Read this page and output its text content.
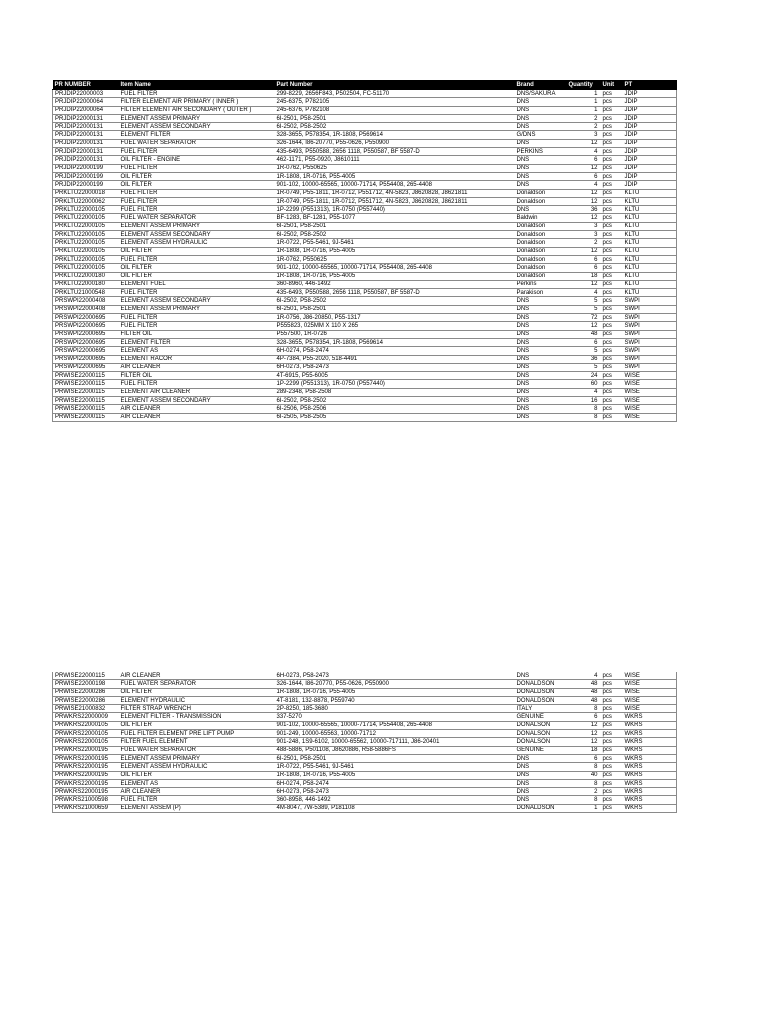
PR NUMBER	Item Name	Part Number	Brand	Quantity	Unit	PT
PRJDIP22000003	FUEL FILTER	299-8229, 2656F843, P502504, FC-51170	DNS/SAKURA	1	pcs	JDIP
PRJDIP22000064	FILTER ELEMENT AIR PRIMARY ( INNER )	245-6375, P782105	DNS	1	pcs	JDIP
PRJDIP22000064	FILTER ELEMENT AIR SECONDARY ( OUTER )	245-6376, P782108	DNS	1	pcs	JDIP
PRJDIP22000131	ELEMENT ASSEM PRIMARY	6I-2501, P58-2501	DNS	2	pcs	JDIP
PRJDIP22000131	ELEMENT ASSEM SECONDARY	6I-2502, P58-2502	DNS	2	pcs	JDIP
PRJDIP22000131	ELEMENT FILTER	328-3655, P578354, 1R-1808, P569614	G/DNS	3	pcs	JDIP
PRJDIP22000131	FUEL WATER SEPARATOR	326-1644, I86-20770, P55-0626, P550900	DNS	12	pcs	JDIP
PRJDIP22000131	FUEL FILTER	435-6493, P550588, 2656 1118, P550587, BF 5587-D	PERKINS	4	pcs	JDIP
PRJDIP22000131	OIL FILTER - ENGINE	462-1171, P55-0920, J8610111	DNS	6	pcs	JDIP
PRJDIP22000199	FUEL FILTER	1R-0762, P550625	DNS	12	pcs	JDIP
PRJDIP22000199	OIL FILTER	1R-1808, 1R-0716, P55-4005	DNS	6	pcs	JDIP
PRJDIP22000199	OIL FILTER	901-102, 10000-65565, 10000-71714, P554408, 265-4408	DNS	4	pcs	JDIP
PRKLTU22000018	FUEL FILTER	1R-0749, P55-1811, 1R-0712, P551712, 4N-5823, J8620828, J8621811	Donaldson	12	pcs	KLTU
PRKLTU22000062	FUEL FILTER	1R-0749, P55-1811, 1R-0712, P551712, 4N-5823, J8620828, J8621811	Donaldson	12	pcs	KLTU
PRKLTU22000105	FUEL FILTER	1P-2299 (P551313), 1R-0750 (P557440)	DNS	36	pcs	KLTU
PRKLTU22000105	FUEL WATER SEPARATOR	BF-1283, BF-1281, P55-1077	Baldwin	12	pcs	KLTU
PRKLTU22000105	ELEMENT ASSEM PRIMARY	6I-2501, P58-2501	Donaldson	3	pcs	KLTU
PRKLTU22000105	ELEMENT ASSEM SECONDARY	6I-2502, P58-2502	Donaldson	3	pcs	KLTU
PRKLTU22000105	ELEMENT ASSEM HYDRAULIC	1R-0722, P55-5461, 9J-5461	Donaldson	2	pcs	KLTU
PRKLTU22000105	OIL FILTER	1R-1808, 1R-0716, P55-4005	Donaldson	12	pcs	KLTU
PRKLTU22000105	FUEL FILTER	1R-0762, P550625	Donaldson	6	pcs	KLTU
PRKLTU22000105	OIL FILTER	901-102, 10000-65565, 10000-71714, P554408, 265-4408	Donaldson	6	pcs	KLTU
PRKLTU22000180	OIL FILTER	1R-1808, 1R-0716, P55-4005	Donaldson	18	pcs	KLTU
PRKLTU22000180	ELEMENT FUEL	360-8960, 446-1492	Perkins	12	pcs	KLTU
PRKLTU21000548	FUEL FILTER	435-6493, P550588, 2656 1118, P550587, BF 5587-D	Parakison	4	pcs	KLTU
PRSWPI22000408	ELEMENT ASSEM SECONDARY	6I-2502, P58-2502	DNS	5	pcs	SWPI
PRSWPI22000408	ELEMENT ASSEM PRIMARY	6I-2501, P58-2501	DNS	5	pcs	SWPI
PRSWPI22000695	FUEL FILTER	1R-0756, J86-20850, P55-1317	DNS	72	pcs	SWPI
PRSWPI22000695	FUEL FILTER	P555823, 025MM X 110 X 265	DNS	12	pcs	SWPI
PRSWPI22000695	FILTER OIL	P557500, 1R-0726	DNS	48	pcs	SWPI
PRSWPI22000695	ELEMENT FILTER	328-3655, P578354, 1R-1808, P569614	DNS	6	pcs	SWPI
PRSWPI22000695	ELEMENT AS	6H-0274, P58-2474	DNS	5	pcs	SWPI
PRSWPI22000695	ELEMENT RACOR	4P-7384, P55-2020, 518-4491	DNS	36	pcs	SWPI
PRSWPI22000695	AIR CLEANER	6H-0273, P58-2473	DNS	5	pcs	SWPI
PRWISE22000115	FILTER OIL	4T-6915, P55-6005	DNS	24	pcs	WISE
PRWISE22000115	FUEL FILTER	1P-2299 (P551313), 1R-0750 (P557440)	DNS	60	pcs	WISE
PRWISE22000115	ELEMENT AIR CLEANER	289-2348, P58-2508	DNS	4	pcs	WISE
PRWISE22000115	ELEMENT ASSEM SECONDARY	6I-2502, P58-2502	DNS	16	pcs	WISE
PRWISE22000115	AIR CLEANER	6I-2506, P58-2506	DNS	8	pcs	WISE
PRWISE22000115	AIR CLEANER	6I-2505, P58-2505	DNS	8	pcs	WISE
PRWISE22000115	AIR CLEANER	6H-0273, P58-2473	DNS	4	pcs	WISE
PRWISE22000198	FUEL WATER SEPARATOR	326-1644, I86-20770, P55-0626, P550900	DONALDSON	48	pcs	WISE
PRWISE22000286	OIL FILTER	1R-1808, 1R-0716, P55-4005	DONALDSON	48	pcs	WISE
PRWISE22000286	ELEMENT HYDRAULIC	4T-8181, 132-8878, P559740	DONALDSON	48	pcs	WISE
PRWISE21000832	FILTER STRAP WRENCH	2P-8250, 185-3680	ITALY	8	pcs	WISE
PRWKRS22000009	ELEMENT FILTER - TRANSMISSION	337-5270	GENUINE	6	pcs	WKRS
PRWKRS22000105	OIL FILTER	901-102, 10000-65565, 10000-71714, P554408, 265-4408	DONALSON	12	pcs	WKRS
PRWKRS22000105	FUEL FILTER ELEMENT PRE LIFT PUMP	901-249, 10000-65563, 10000-71712	DONALSON	12	pcs	WKRS
PRWKRS22000105	FILTER FUEL ELEMENT	901-248, 1S9-6102, 10000-65562, 10000-717111, J86-20401	DONALSON	12	pcs	WKRS
PRWKRS22000195	FUEL WATER SEPARATOR	488-5886, P501108, J8620886, R58-5886FS	GENUINE	18	pcs	WKRS
PRWKRS22000195	ELEMENT ASSEM PRIMARY	6I-2501, P58-2501	DNS	6	pcs	WKRS
PRWKRS22000195	ELEMENT ASSEM HYDRAULIC	1R-0722, P55-5461, 9J-5461	DNS	8	pcs	WKRS
PRWKRS22000195	OIL FILTER	1R-1808, 1R-0716, P55-4005	DNS	40	pcs	WKRS
PRWKRS22000195	ELEMENT AS	6H-0274, P58-2474	DNS	8	pcs	WKRS
PRWKRS22000195	AIR CLEANER	6H-0273, P58-2473	DNS	2	pcs	WKRS
PRWKRS21000598	FUEL FILTER	360-8958, 446-1492	DNS	8	pcs	WKRS
PRWKRS21000659	ELEMENT ASSEM (P)	4M-8047, 7W-5389, P181108	DONALDSON	1	pcs	WKRS
